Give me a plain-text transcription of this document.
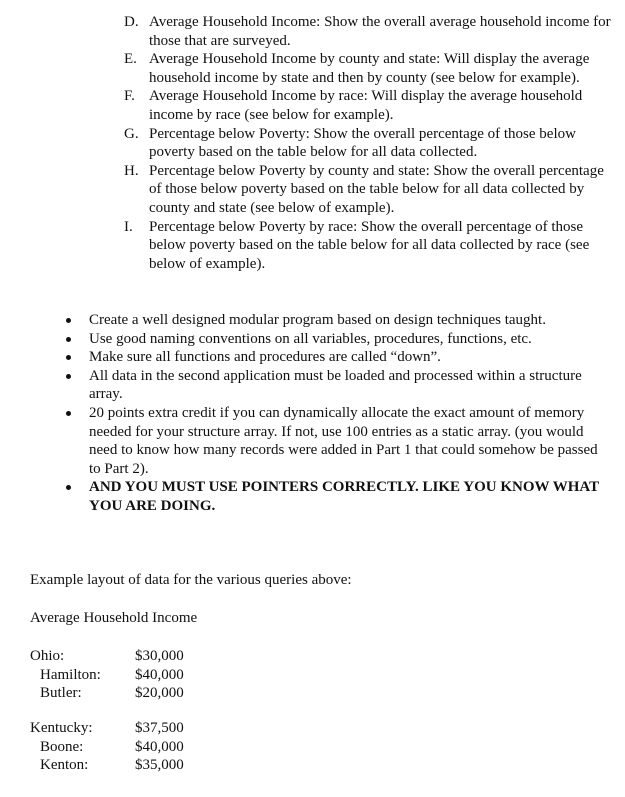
D. Average Household Income: Show the overall average household income for those that are surveyed.
E. Average Household Income by county and state: Will display the average household income by state and then by county (see below for example).
F. Average Household Income by race: Will display the average household income by race (see below for example).
G. Percentage below Poverty: Show the overall percentage of those below poverty based on the table below for all data collected.
H. Percentage below Poverty by county and state: Show the overall percentage of those below poverty based on the table below for all data collected by county and state (see below of example).
I. Percentage below Poverty by race: Show the overall percentage of those below poverty based on the table below for all data collected by race (see below of example).
Create a well designed modular program based on design techniques taught.
Use good naming conventions on all variables, procedures, functions, etc.
Make sure all functions and procedures are called “down”.
All data in the second application must be loaded and processed within a structure array.
20 points extra credit if you can dynamically allocate the exact amount of memory needed for your structure array. If not, use 100 entries as a static array. (you would need to know how many records were added in Part 1 that could somehow be passed to Part 2).
AND YOU MUST USE POINTERS CORRECTLY. LIKE YOU KNOW WHAT YOU ARE DOING.
Example layout of data for the various queries above:
Average Household Income
Ohio:	$30,000
Hamilton:	$40,000
Butler:	$20,000
Kentucky:	$37,500
Boone:	$40,000
Kenton:	$35,000
